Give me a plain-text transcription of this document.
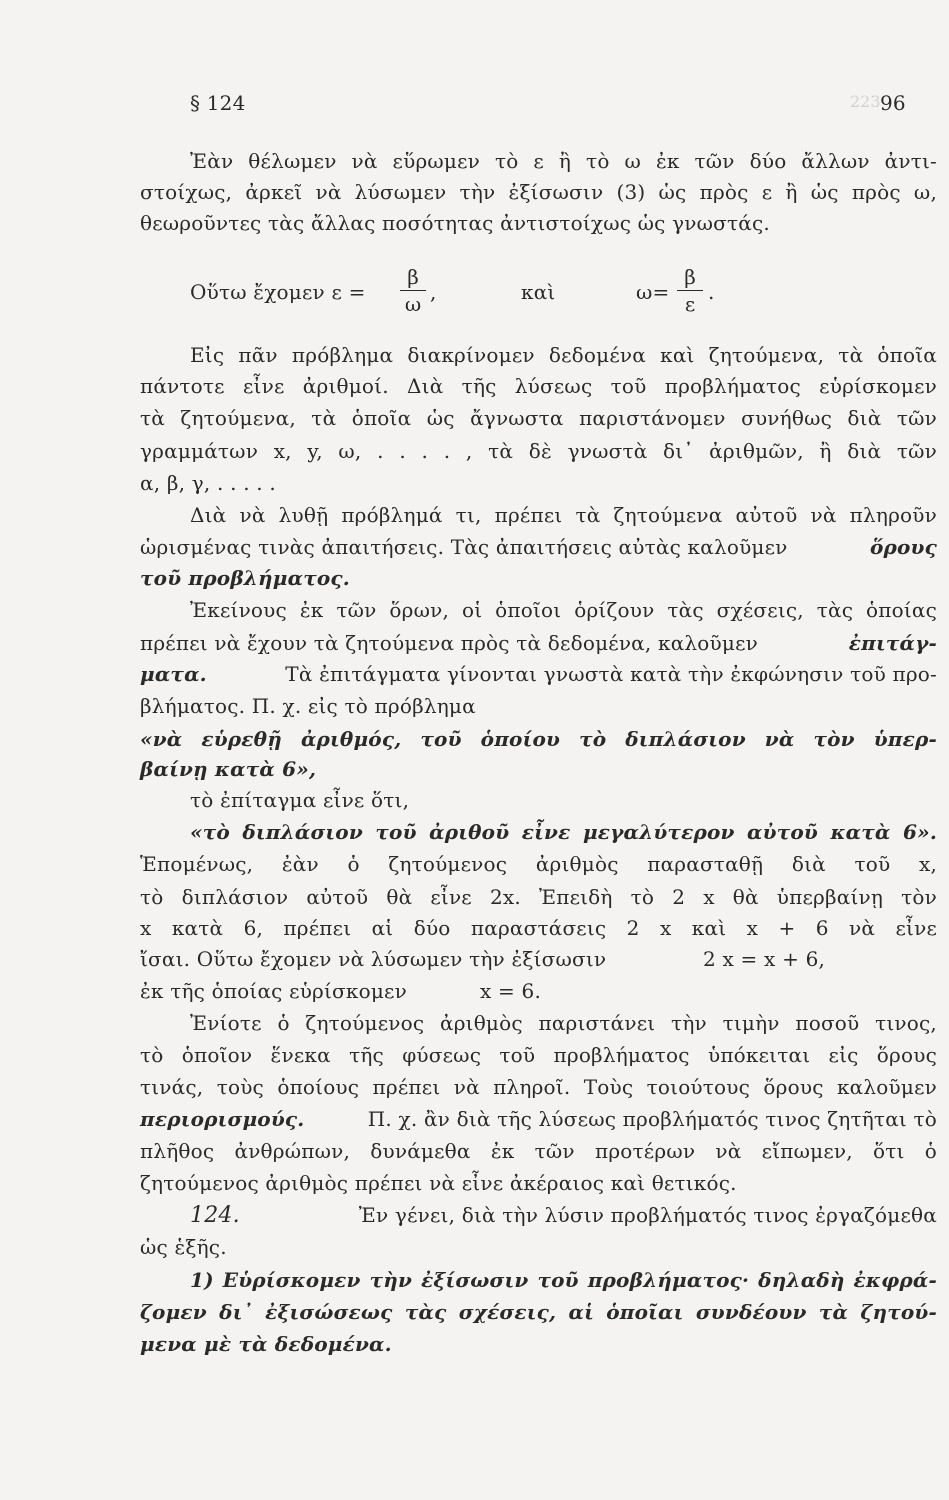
223
§ 124	96
Ἐὰν θέλωμεν νὰ εὕρωμεν τὸ ε ἢ τὸ ω ἐκ τῶν δύο ἄλλων ἀντι-
στοίχως, ἀρκεῖ νὰ λύσωμεν τὴν ἐξίσωσιν (3) ὡς πρὸς ε ἢ ὡς πρὸς ω,
θεωροῦντες τὰς ἄλλας ποσότητας ἀντιστοίχως ὡς γνωστάς.
Οὕτω ἔχομεν ε =
β
ω ,	καὶ	ω=
β
ε .
Εἰς πᾶν πρόβλημα διακρίνομεν δεδομένα καὶ ζητούμενα, τὰ ὁποῖα
πάντοτε εἶνε ἀριθμοί. Διὰ τῆς λύσεως τοῦ προβλήματος εὑρίσκομεν
τὰ ζητούμενα, τὰ ὁποῖα ὡς ἄγνωστα παριστάνομεν συνήθως διὰ τῶν
γραμμάτων x, y, ω, . . . . , τὰ δὲ γνωστὰ δι᾽ ἀριθμῶν, ἢ διὰ τῶν
α, β, γ, . . . . .
Διὰ νὰ λυθῇ πρόβλημά τι, πρέπει τὰ ζητούμενα αὐτοῦ νὰ πληροῦν
ὡρισμένας τινὰς ἀπαιτήσεις. Τὰς ἀπαιτήσεις αὐτὰς καλοῦμεν	ὅρους
τοῦ προβλήματος.
Ἐκείνους ἐκ τῶν ὅρων, οἱ ὁποῖοι ὁρίζουν τὰς σχέσεις, τὰς ὁποίας
πρέπει νὰ ἔχουν τὰ ζητούμενα πρὸς τὰ δεδομένα, καλοῦμεν	ἐπιτάγ-
ματα.	Τὰ ἐπιτάγματα γίνονται γνωστὰ κατὰ τὴν ἐκφώνησιν τοῦ προ-
βλήματος. Π. χ. εἰς τὸ πρόβλημα
«νὰ εὑρεθῇ ἀριθμός, τοῦ ὁποίου τὸ διπλάσιον νὰ τὸν ὑπερ-
βαίνῃ κατὰ 6»,
τὸ ἐπίταγμα εἶνε ὅτι,
«τὸ διπλάσιον τοῦ ἀριθοῦ εἶνε μεγαλύτερον αὐτοῦ κατὰ 6».
Ἑπομένως, ἐὰν ὁ ζητούμενος ἀριθμὸς παρασταθῇ διὰ τοῦ x,
τὸ διπλάσιον αὐτοῦ θὰ εἶνε 2x. Ἐπειδὴ τὸ 2 x θὰ ὑπερβαίνῃ τὸν
x κατὰ 6, πρέπει αἱ δύο παραστάσεις 2 x καὶ x + 6 νὰ εἶνε
ἴσαι. Οὕτω ἔχομεν νὰ λύσωμεν τὴν ἐξίσωσιν	2 x = x + 6,
ἐκ τῆς ὁποίας εὑρίσκομεν	x = 6.
Ἐνίοτε ὁ ζητούμενος ἀριθμὸς παριστάνει τὴν τιμὴν ποσοῦ τινος,
τὸ ὁποῖον ἕνεκα τῆς φύσεως τοῦ προβλήματος ὑπόκειται εἰς ὅρους
τινάς, τοὺς ὁποίους πρέπει νὰ πληροῖ. Τοὺς τοιούτους ὅρους καλοῦμεν
περιορισμούς.	Π. χ. ἂν διὰ τῆς λύσεως προβλήματός τινος ζητῆται τὸ
πλῆθος ἀνθρώπων, δυνάμεθα ἐκ τῶν προτέρων νὰ εἴπωμεν, ὅτι ὁ
ζητούμενος ἀριθμὸς πρέπει νὰ εἶνε ἀκέραιος καὶ θετικός.
124.	Ἐν γένει, διὰ τὴν λύσιν προβλήματός τινος ἐργαζόμεθα
ὡς ἑξῆς.
1) Εὑρίσκομεν τὴν ἐξίσωσιν τοῦ προβλήματος· δηλαδὴ ἐκφρά-
ζομεν δι᾽ ἐξισώσεως τὰς σχέσεις, αἱ ὁποῖαι συνδέουν τὰ ζητού-
μενα μὲ τὰ δεδομένα.
